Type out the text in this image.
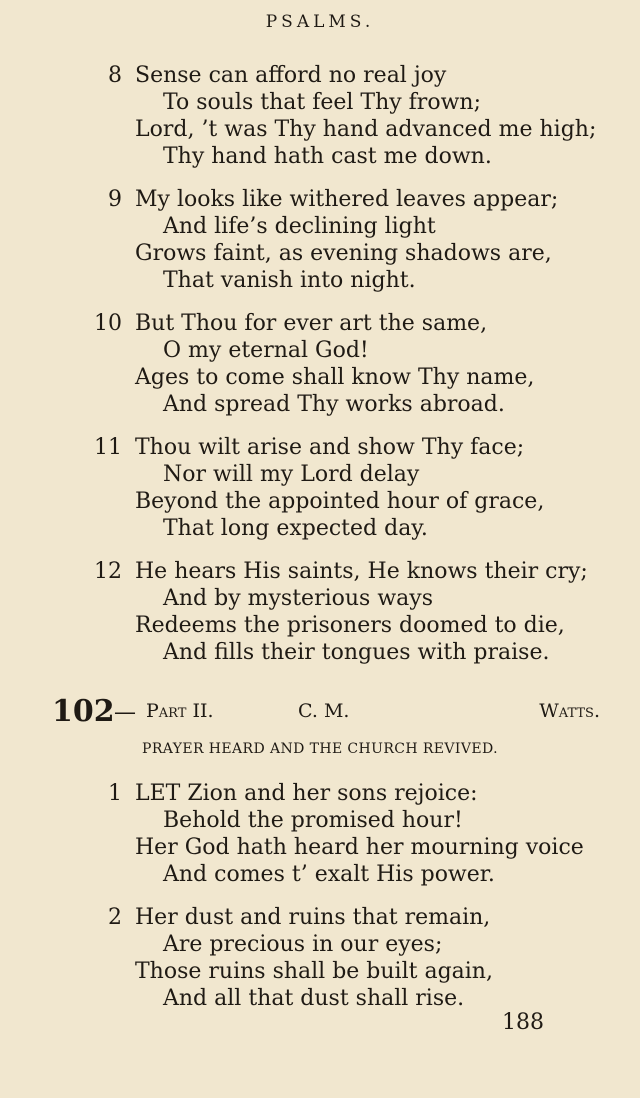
PSALMS.
8 Sense can afford no real joy
To souls that feel Thy frown;
Lord, ’t was Thy hand advanced me high;
Thy hand hath cast me down.
9 My looks like withered leaves appear;
And life’s declining light
Grows faint, as evening shadows are,
That vanish into night.
10 But Thou for ever art the same,
O my eternal God!
Ages to come shall know Thy name,
And spread Thy works abroad.
11 Thou wilt arise and show Thy face;
Nor will my Lord delay
Beyond the appointed hour of grace,
That long expected day.
12 He hears His saints, He knows their cry;
And by mysterious ways
Redeems the prisoners doomed to die,
And fills their tongues with praise.
102 — Part II.	C. M.	Watts.
PRAYER HEARD AND THE CHURCH REVIVED.
1 LET Zion and her sons rejoice:
Behold the promised hour!
Her God hath heard her mourning voice
And comes t’ exalt His power.
2 Her dust and ruins that remain,
Are precious in our eyes;
Those ruins shall be built again,
And all that dust shall rise.
188
